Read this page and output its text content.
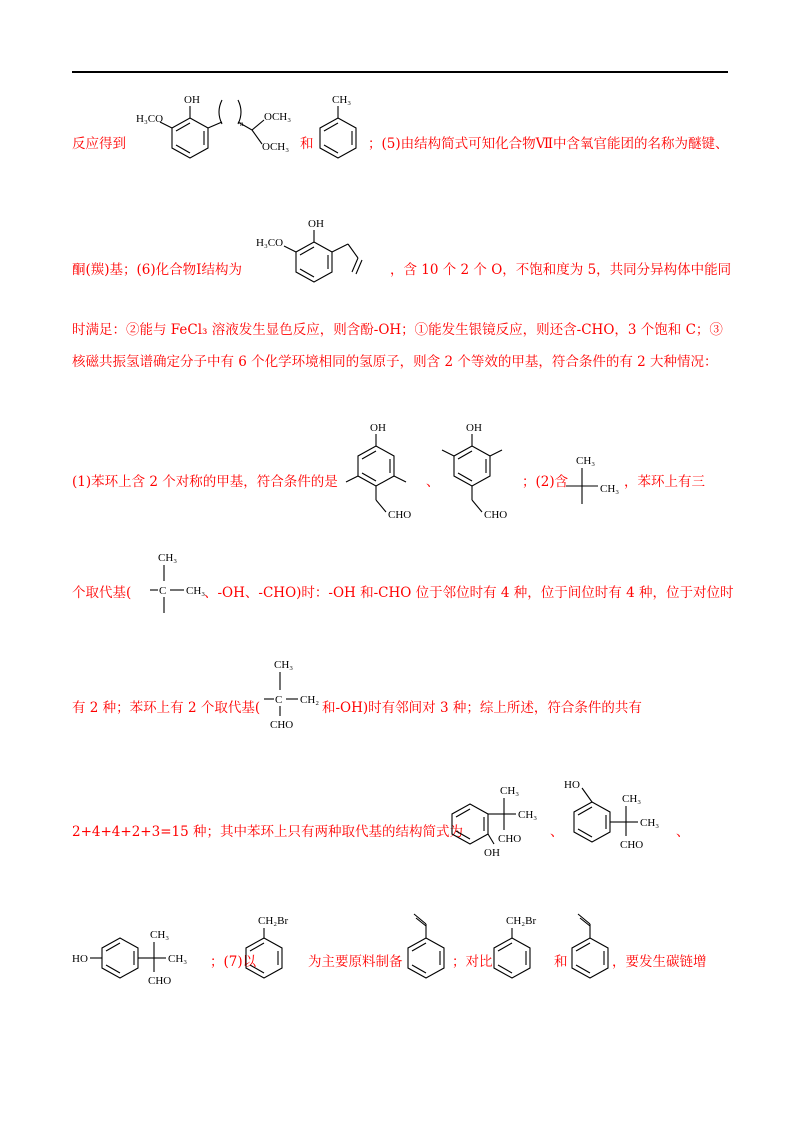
反应得到
OH
H₃CO	n
OCH₃
OCH₃ 和
CH₃
；(5)由结构简式可知化合物Ⅶ中含氧官能团的名称为醚键、
酮(羰)基；(6)化合物Ⅰ结构为
OH
H₃CO
，含 10 个 2 个 O，不饱和度为 5，共同分异构体中能同
时满足：②能与 FeCl₃ 溶液发生显色反应，则含酚-OH；①能发生银镜反应，则还含-CHO，3 个饱和 C；③
核磁共振氢谱确定分子中有 6 个化学环境相同的氢原子，则含 2 个等效的甲基，符合条件的有 2 大种情况：
(1)苯环上含 2 个对称的甲基，符合条件的是
OH
CHO
、
OH
CHO
；(2)含
CH₃
CH₃ ，苯环上有三
个取代基(
CH₃
C CH₃
、-OH、-CHO)时：-OH 和-CHO 位于邻位时有 4 种，位于间位时有 4 种，位于对位时
有 2 种；苯环上有 2 个取代基(
CH₃
C CH₂
CHO
和-OH)时有邻间对 3 种；综上所述，符合条件的共有
2+4+4+2+3=15 种；其中苯环上只有两种取代基的结构简式为
CH₃
CH₃
CHO
OH
、
HO
CH₃
CH₃
CHO
、
HO
CH₃
CH₃
CHO
；(7)以
CH₂Br
为主要原料制备	；对比
CH₂Br
和	，要发生碳链增
